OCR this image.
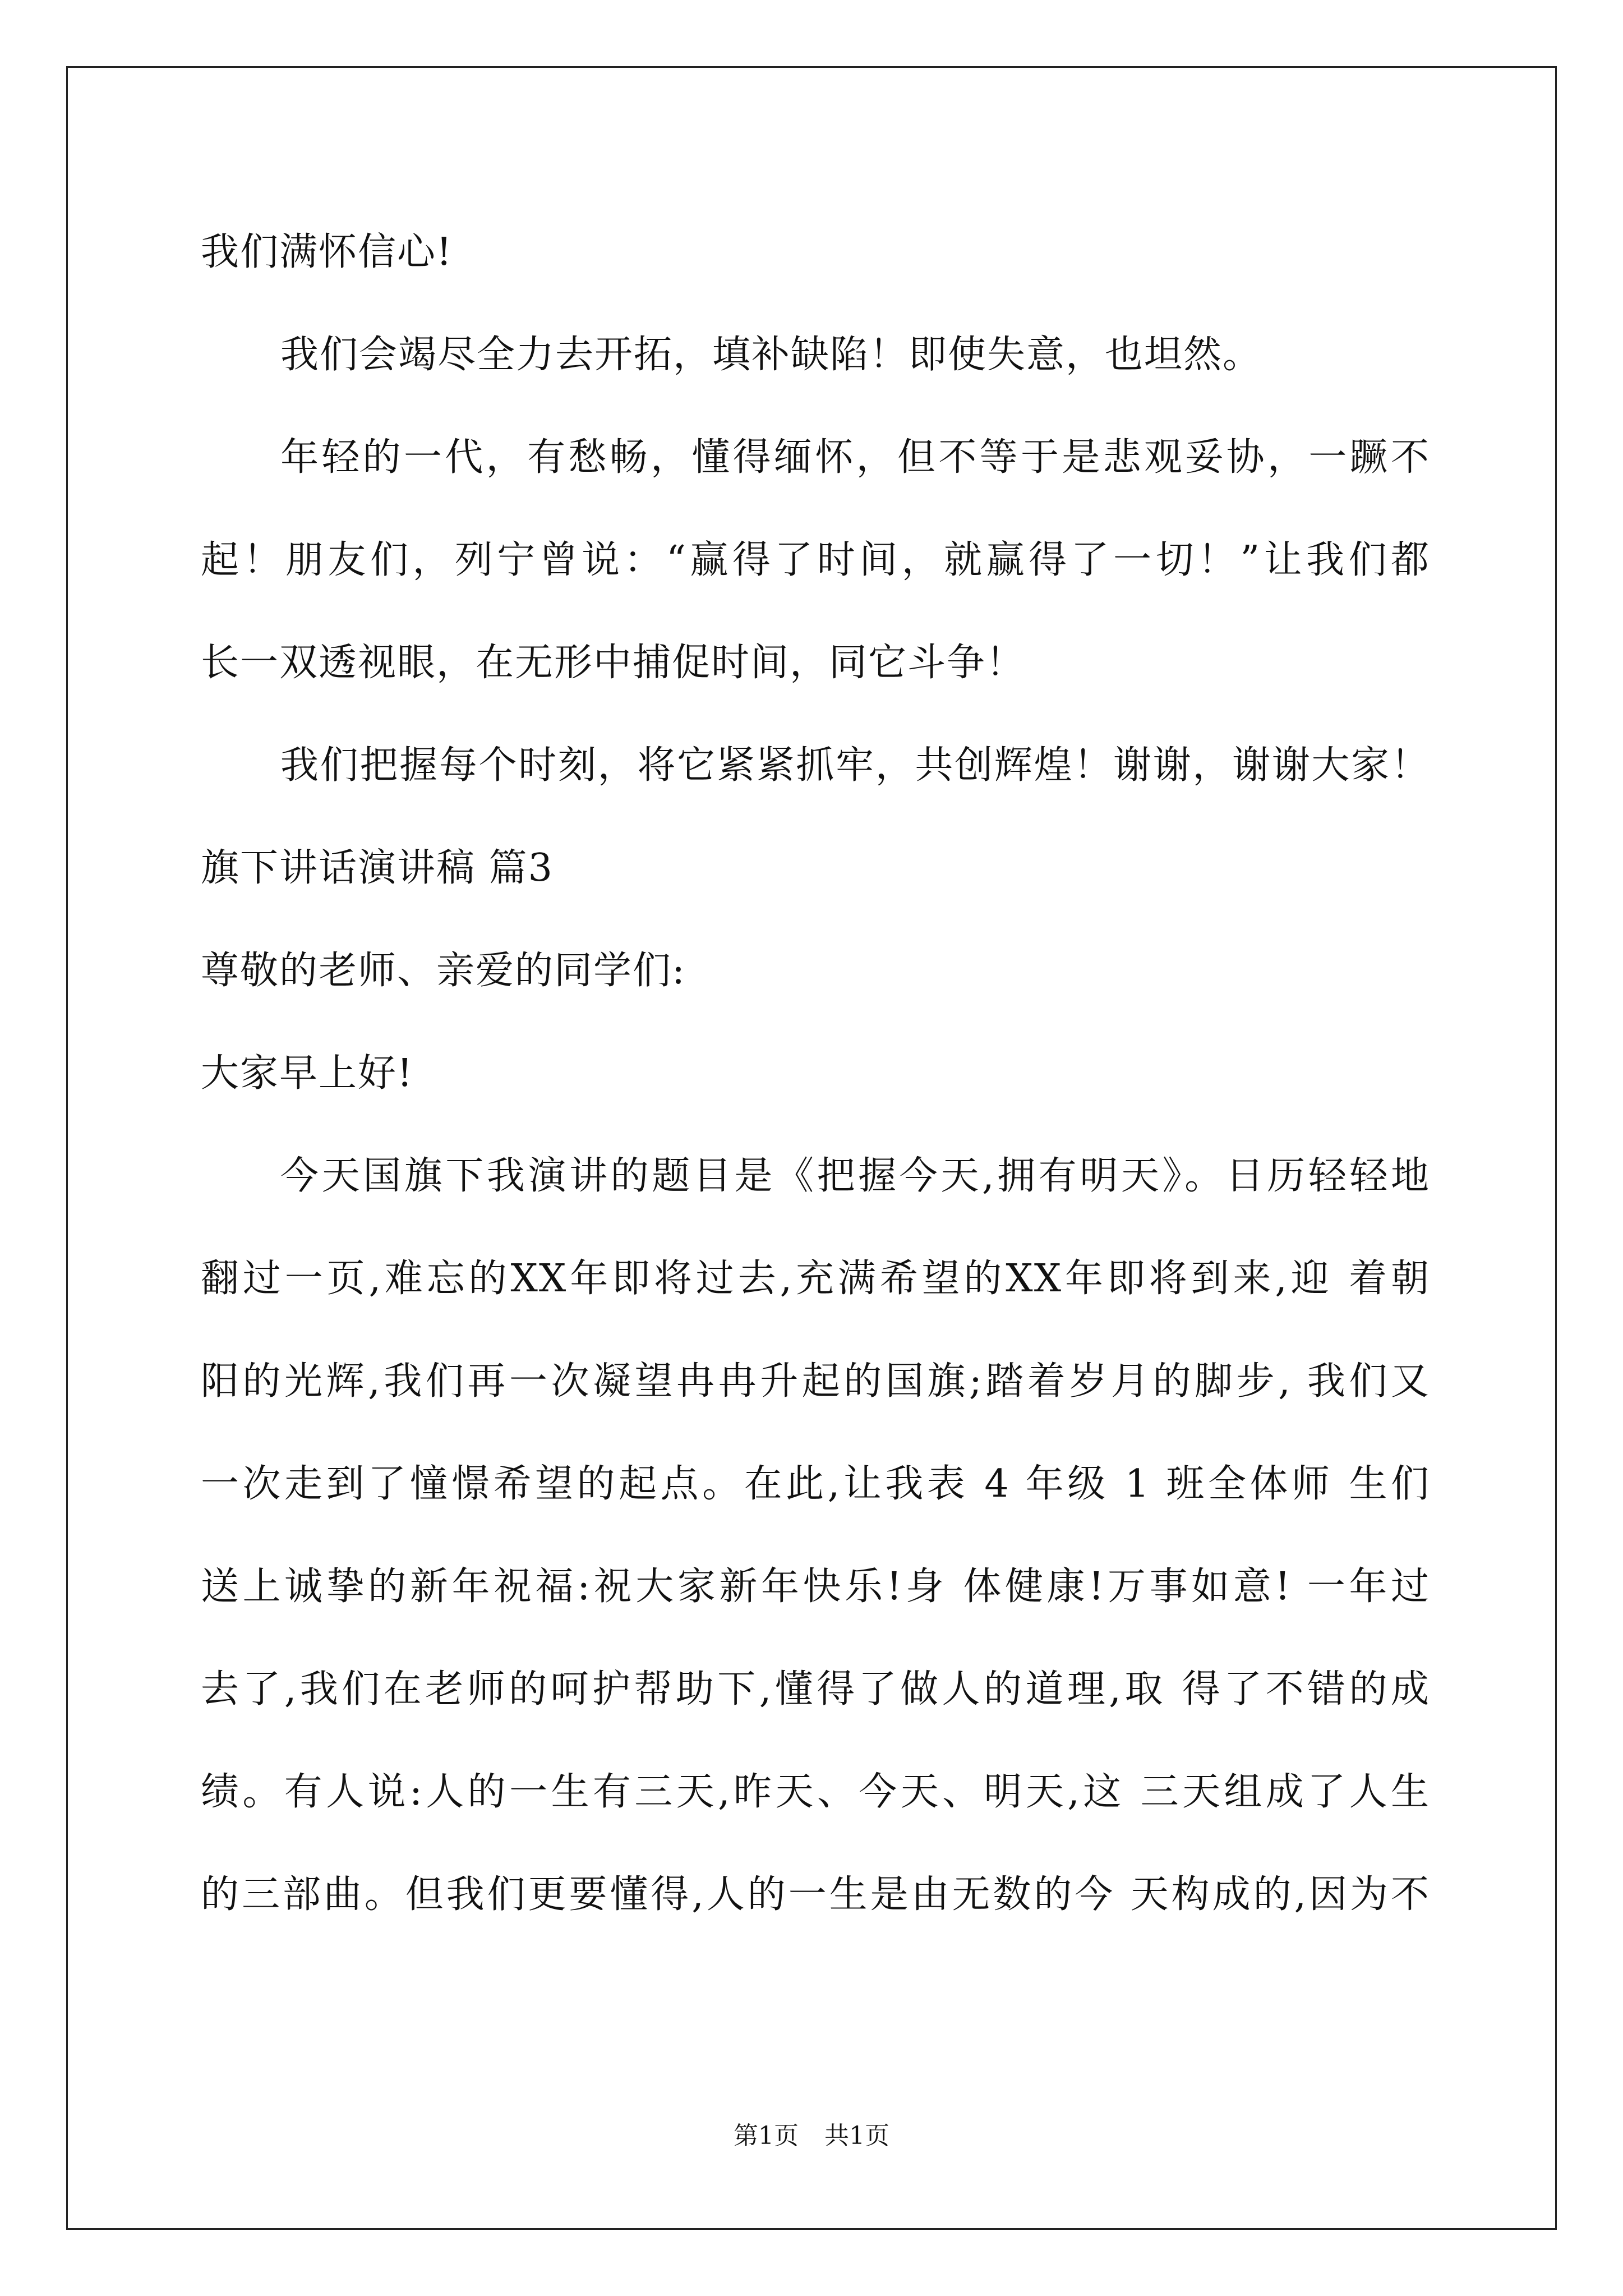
我们满怀信心!

我们会竭尽全力去开拓，填补缺陷！即使失意，也坦然。

年轻的一代，有愁畅，懂得缅怀，但不等于是悲观妥协，一蹶不

起！朋友们，列宁曾说：“赢得了时间，就赢得了一切！”让我们都

长一双透视眼，在无形中捕促时间，同它斗争！

我们把握每个时刻，将它紧紧抓牢，共创辉煌！谢谢，谢谢大家！

旗下讲话演讲稿 篇3

尊敬的老师、亲爱的同学们:

大家早上好!

今天国旗下我演讲的题目是《把握今天,拥有明天》。日历轻轻地

翻过一页,难忘的XX年即将过去,充满希望的XX年即将到来,迎 着朝

阳的光辉,我们再一次凝望冉冉升起的国旗;踏着岁月的脚步, 我们又

一次走到了憧憬希望的起点。在此,让我表 4 年级 1 班全体师 生们

送上诚挚的新年祝福:祝大家新年快乐!身 体健康!万事如意! 一年过

去了,我们在老师的呵护帮助下,懂得了做人的道理,取 得了不错的成

绩。有人说:人的一生有三天,昨天、今天、明天,这 三天组成了人生

的三部曲。但我们更要懂得,人的一生是由无数的今 天构成的,因为不

第1页 共1页
